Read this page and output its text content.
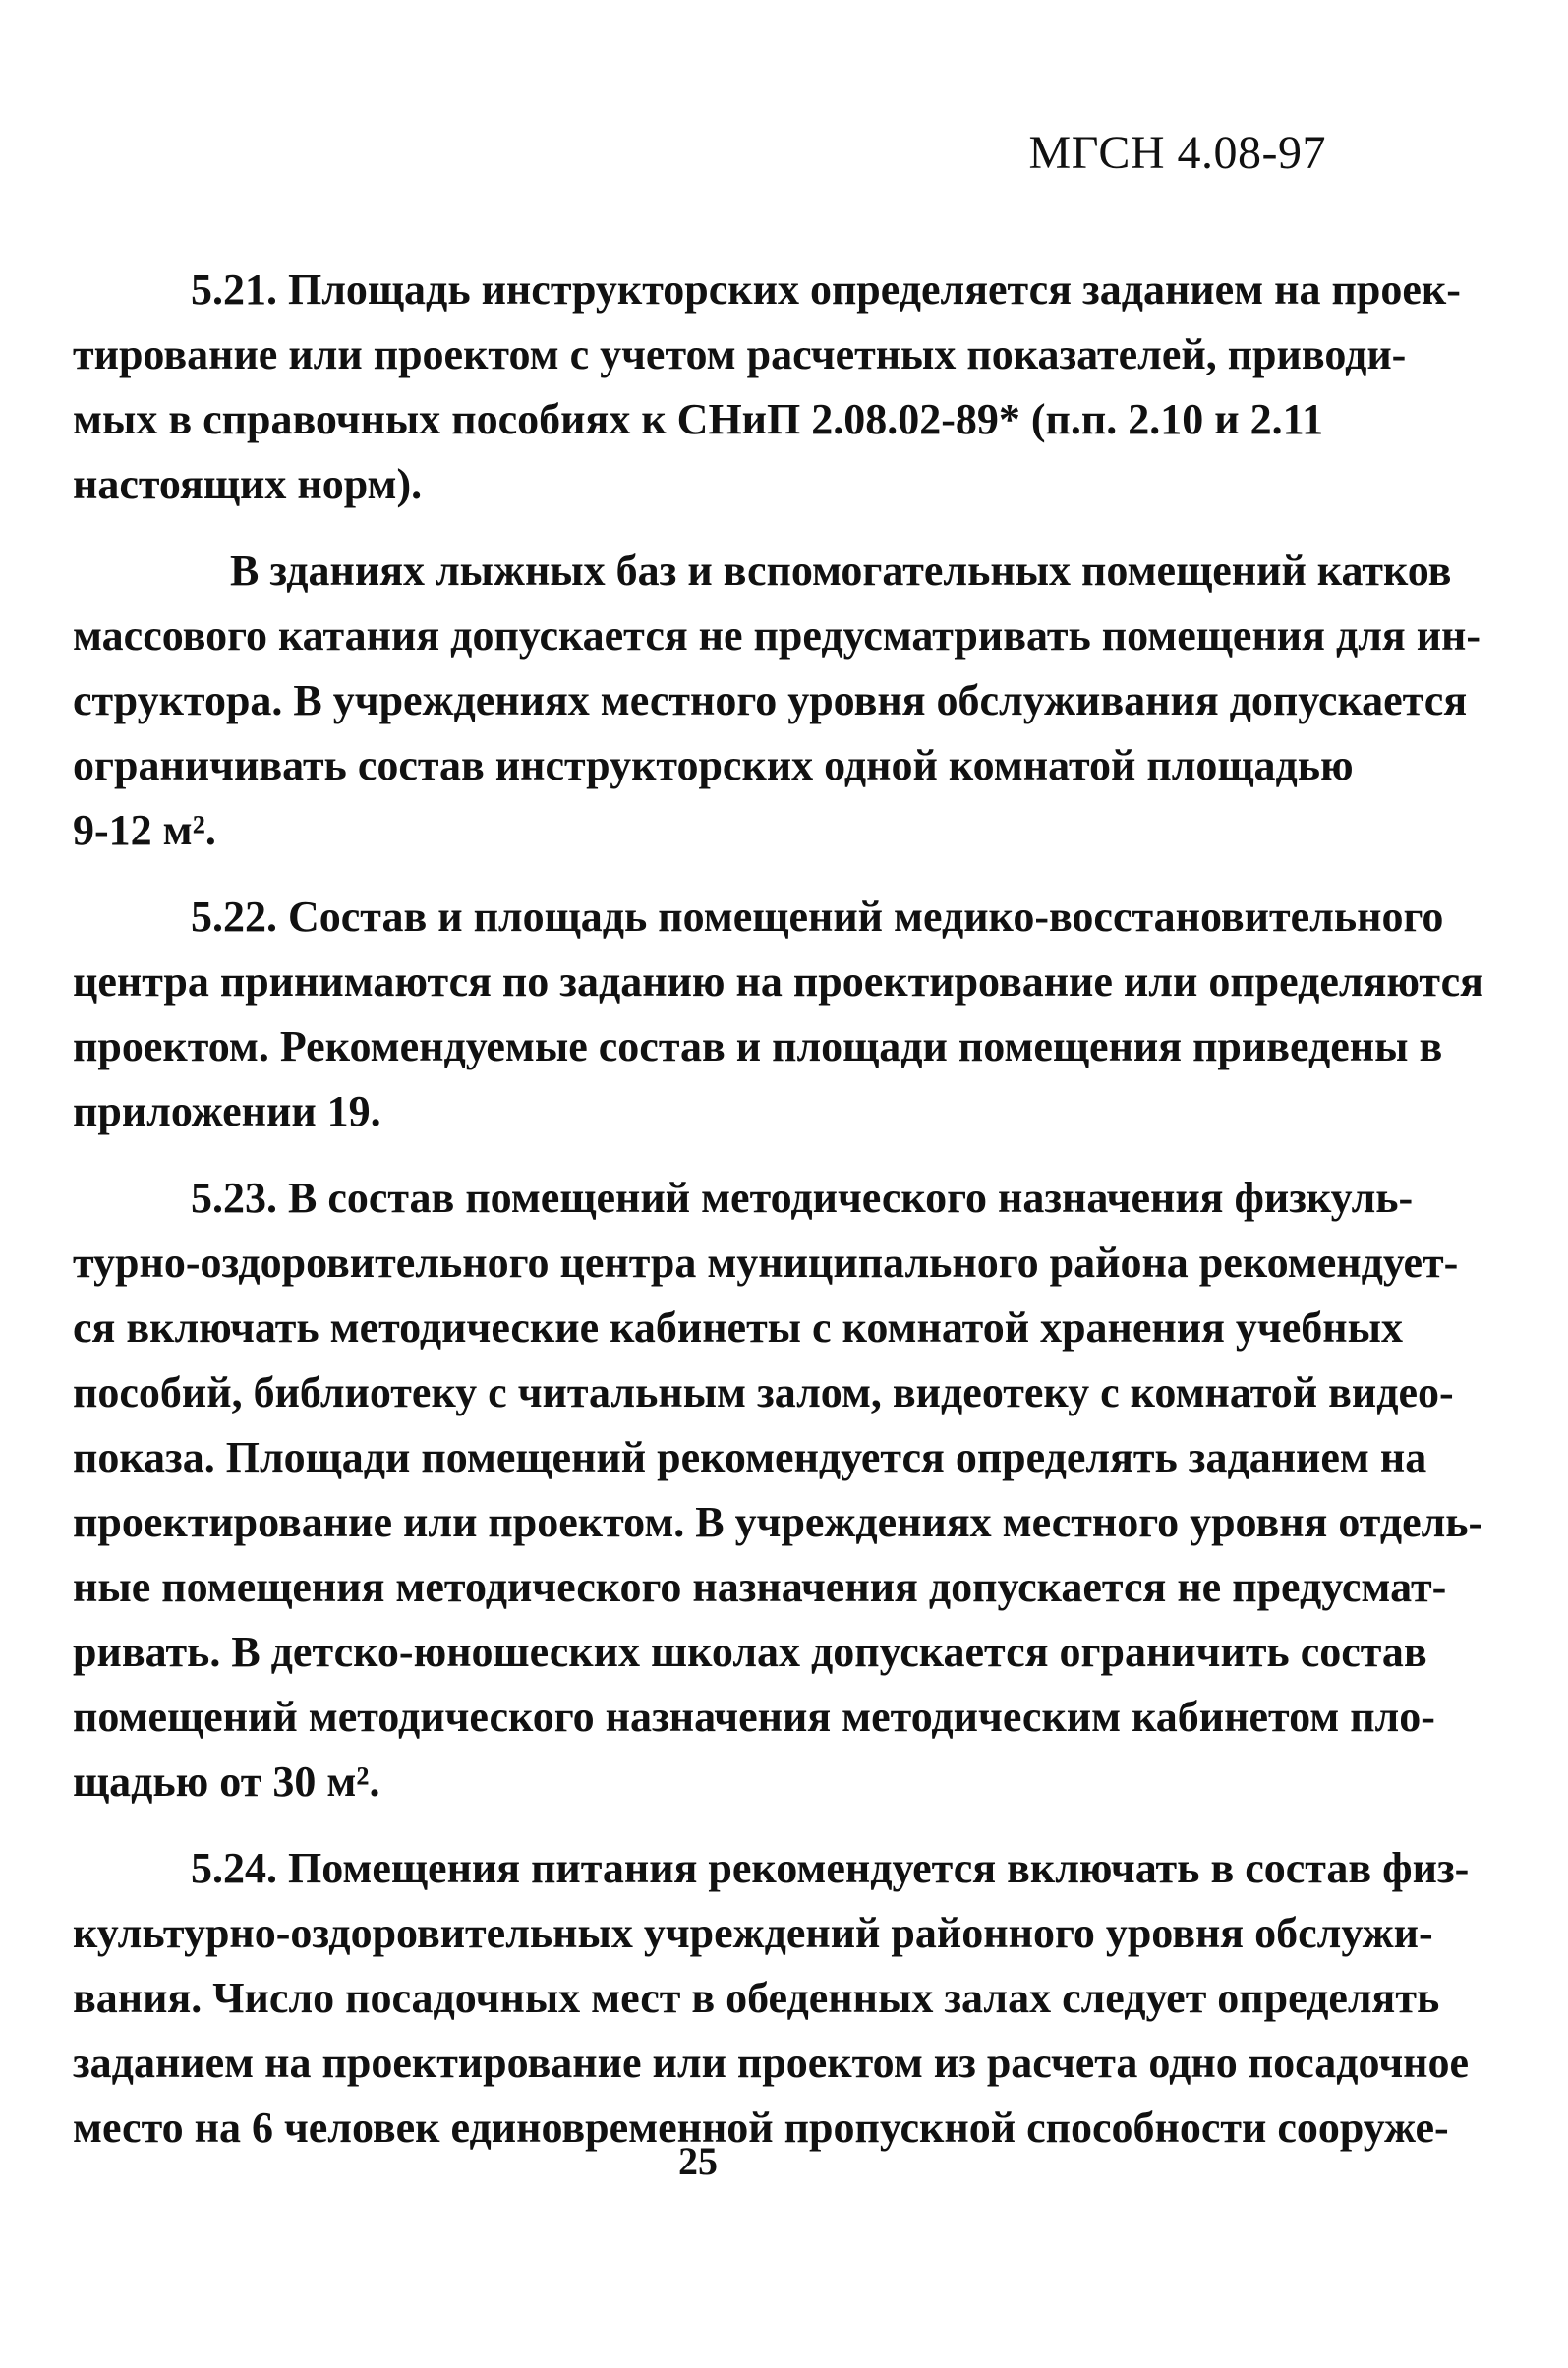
МГСН 4.08-97
5.21. Площадь инструкторских определяется заданием на проек-
тирование или проектом с учетом расчетных показателей, приводи-
мых в справочных пособиях к СНиП 2.08.02-89* (п.п. 2.10 и 2.11
настоящих норм).
В зданиях лыжных баз и вспомогательных помещений катков
массового катания допускается не предусматривать помещения для ин-
структора. В учреждениях местного уровня обслуживания допускается
ограничивать состав инструкторских одной комнатой площадью
9-12 м².
5.22. Состав и площадь помещений медико-восстановительного
центра принимаются по заданию на проектирование или определяются
проектом. Рекомендуемые состав и площади помещения приведены в
приложении 19.
5.23. В состав помещений методического назначения физкуль-
турно-оздоровительного центра муниципального района рекомендует-
ся включать методические кабинеты с комнатой хранения учебных
пособий, библиотеку с читальным залом, видеотеку с комнатой видео-
показа. Площади помещений рекомендуется определять заданием на
проектирование или проектом. В учреждениях местного уровня отдель-
ные помещения методического назначения допускается не предусмат-
ривать. В детско-юношеских школах допускается ограничить состав
помещений методического назначения методическим кабинетом пло-
щадью от 30 м².
5.24. Помещения питания рекомендуется включать в состав физ-
культурно-оздоровительных учреждений районного уровня обслужи-
вания. Число посадочных мест в обеденных залах следует определять
заданием на проектирование или проектом из расчета одно посадочное
место на 6 человек единовременной пропускной способности сооруже-
25
